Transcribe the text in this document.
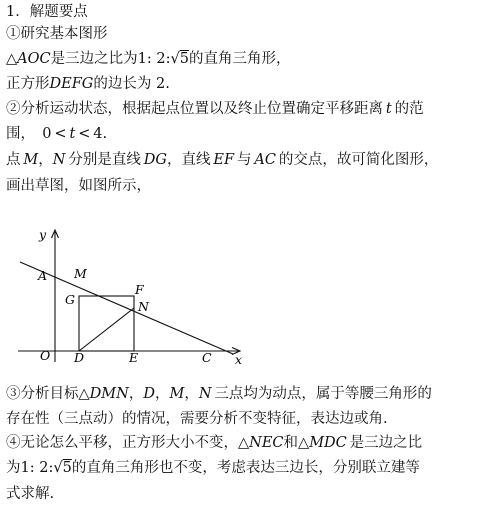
1．解题要点
①研究基本图形
△AOC是三边之比为1: 2:√5的直角三角形，
正方形DEFG的边长为 2.
②分析运动状态，根据起点位置以及终止位置确定平移距离  t  的范
围，  0  <  t  <  4.
点  M，N  分别是直线  DG，直线  EF  与  AC  的交点，故可简化图形，
画出草图，如图所示，
y
x
A M
F
G	N
O D	E	C
③分析目标△DMN，D，M，N  三点均为动点，属于等腰三角形的
存在性（三点动）的情况，需要分析不变特征，表达边或角.
④无论怎么平移，正方形大小不变，△NEC和△MDC  是三边之比
为1: 2:√5的直角三角形也不变，考虑表达三边长，分别联立建等
式求解.
